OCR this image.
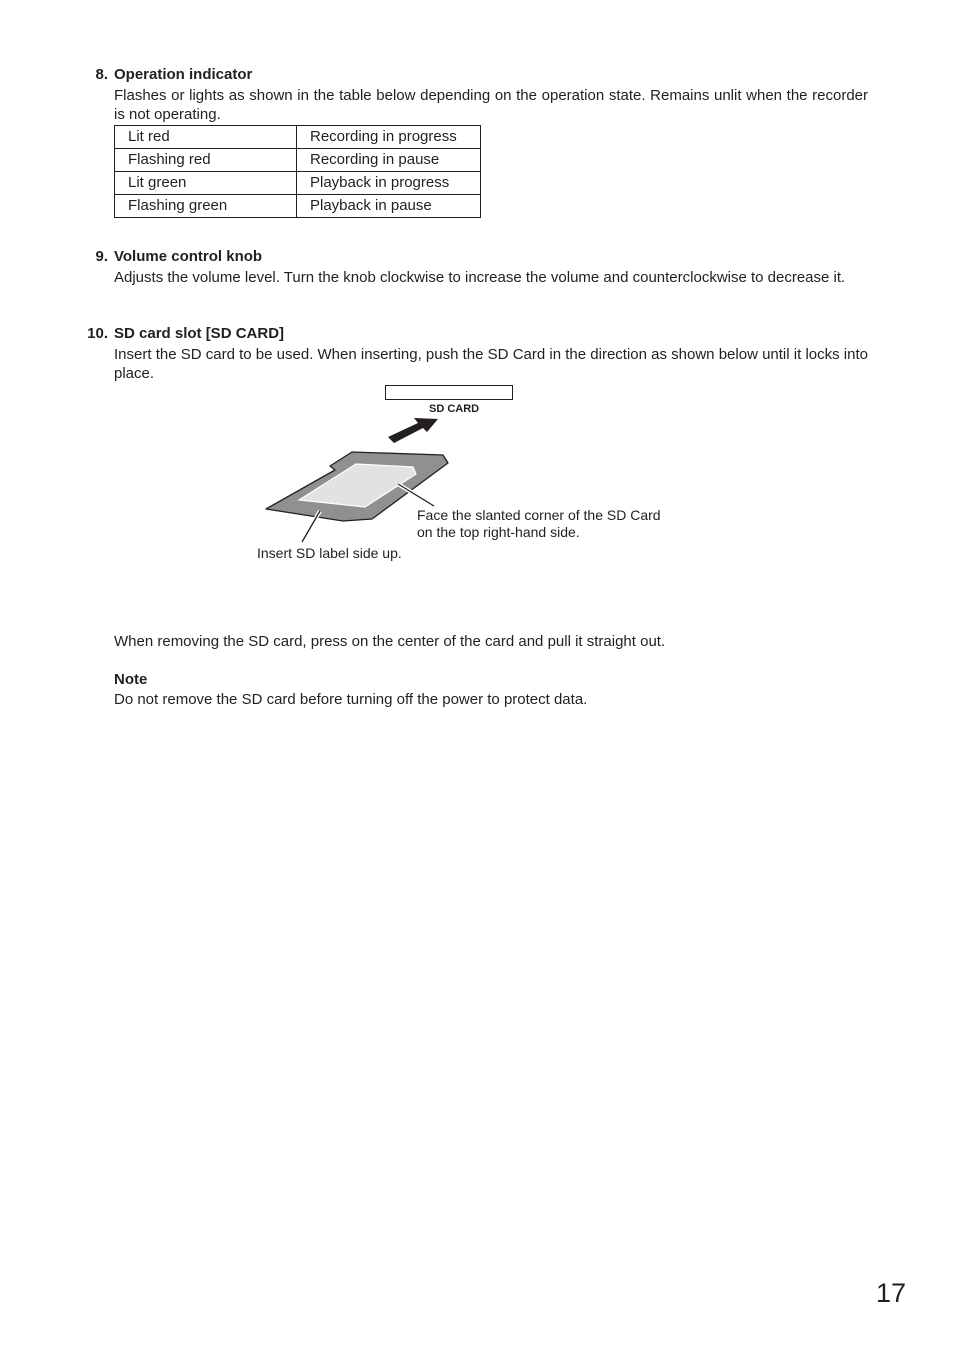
8. Operation indicator
Flashes or lights as shown in the table below depending on the operation state. Remains unlit when the recorder is not operating.
Lit red	Recording in progress
Flashing red	Recording in pause
Lit green	Playback in progress
Flashing green	Playback in pause
9. Volume control knob
Adjusts the volume level. Turn the knob clockwise to increase the volume and counterclockwise to decrease it.
10. SD card slot [SD CARD]
Insert the SD card to be used. When inserting, push the SD Card in the direction as shown below until it locks into place.
SD CARD
Face the slanted corner of the SD Card
on the top right-hand side.
Insert SD label side up.
When removing the SD card, press on the center of the card and pull it straight out.
Note
Do not remove the SD card before turning off the power to protect data.
17
